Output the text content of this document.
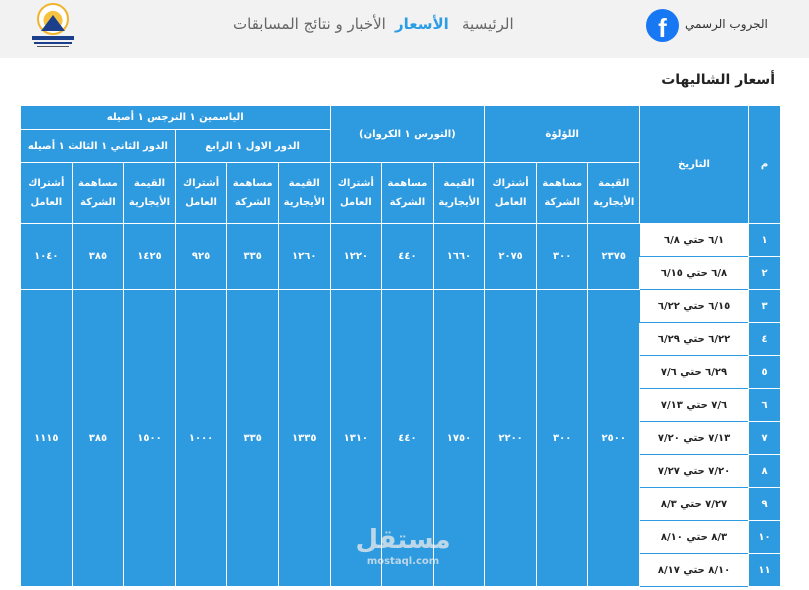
الرئيسية
الأسعار
الأخبار و نتائج المسابقات	الجروب الرسمي
f
أسعار الشاليهات
م	التاريخ	اللؤلؤة			(التورس ١ الكروان)			الياسمين ١ النرجس ١ أصيله					
								الدور الاول ١ الرابع			الدور الثاني ١ الثالث ١ أصيله		
		القيمة الأيجارية	مساهمة الشركة	أشتراك العامل	القيمة الأيجارية	مساهمة الشركة	أشتراك العامل	القيمة الأيجارية	مساهمة الشركة	أشتراك العامل	القيمة الأيجارية	مساهمة الشركة	أشتراك العامل
١	٦/١ حتي ٦/٨	٢٣٧٥	٣٠٠	٢٠٧٥	١٦٦٠	٤٤٠	١٢٢٠	١٢٦٠	٣٣٥	٩٢٥	١٤٢٥	٣٨٥	١٠٤٠
٢	٦/٨ حتي ٦/١٥												
٣	٦/١٥ حتي ٦/٢٢	٢٥٠٠	٣٠٠	٢٢٠٠	١٧٥٠	٤٤٠	١٣١٠	١٣٣٥	٣٣٥	١٠٠٠	١٥٠٠	٣٨٥	١١١٥
٤	٦/٢٢ حتي ٦/٢٩												
٥	٦/٢٩ حتي ٧/٦												
٦	٧/٦ حتي ٧/١٣												
٧	٧/١٣ حتي ٧/٢٠												
٨	٧/٢٠ حتي ٧/٢٧												
٩	٧/٢٧ حتي ٨/٣												
١٠	٨/٣ حتي ٨/١٠												
١١	٨/١٠ حتي ٨/١٧												
مستقل
mostaql.com
